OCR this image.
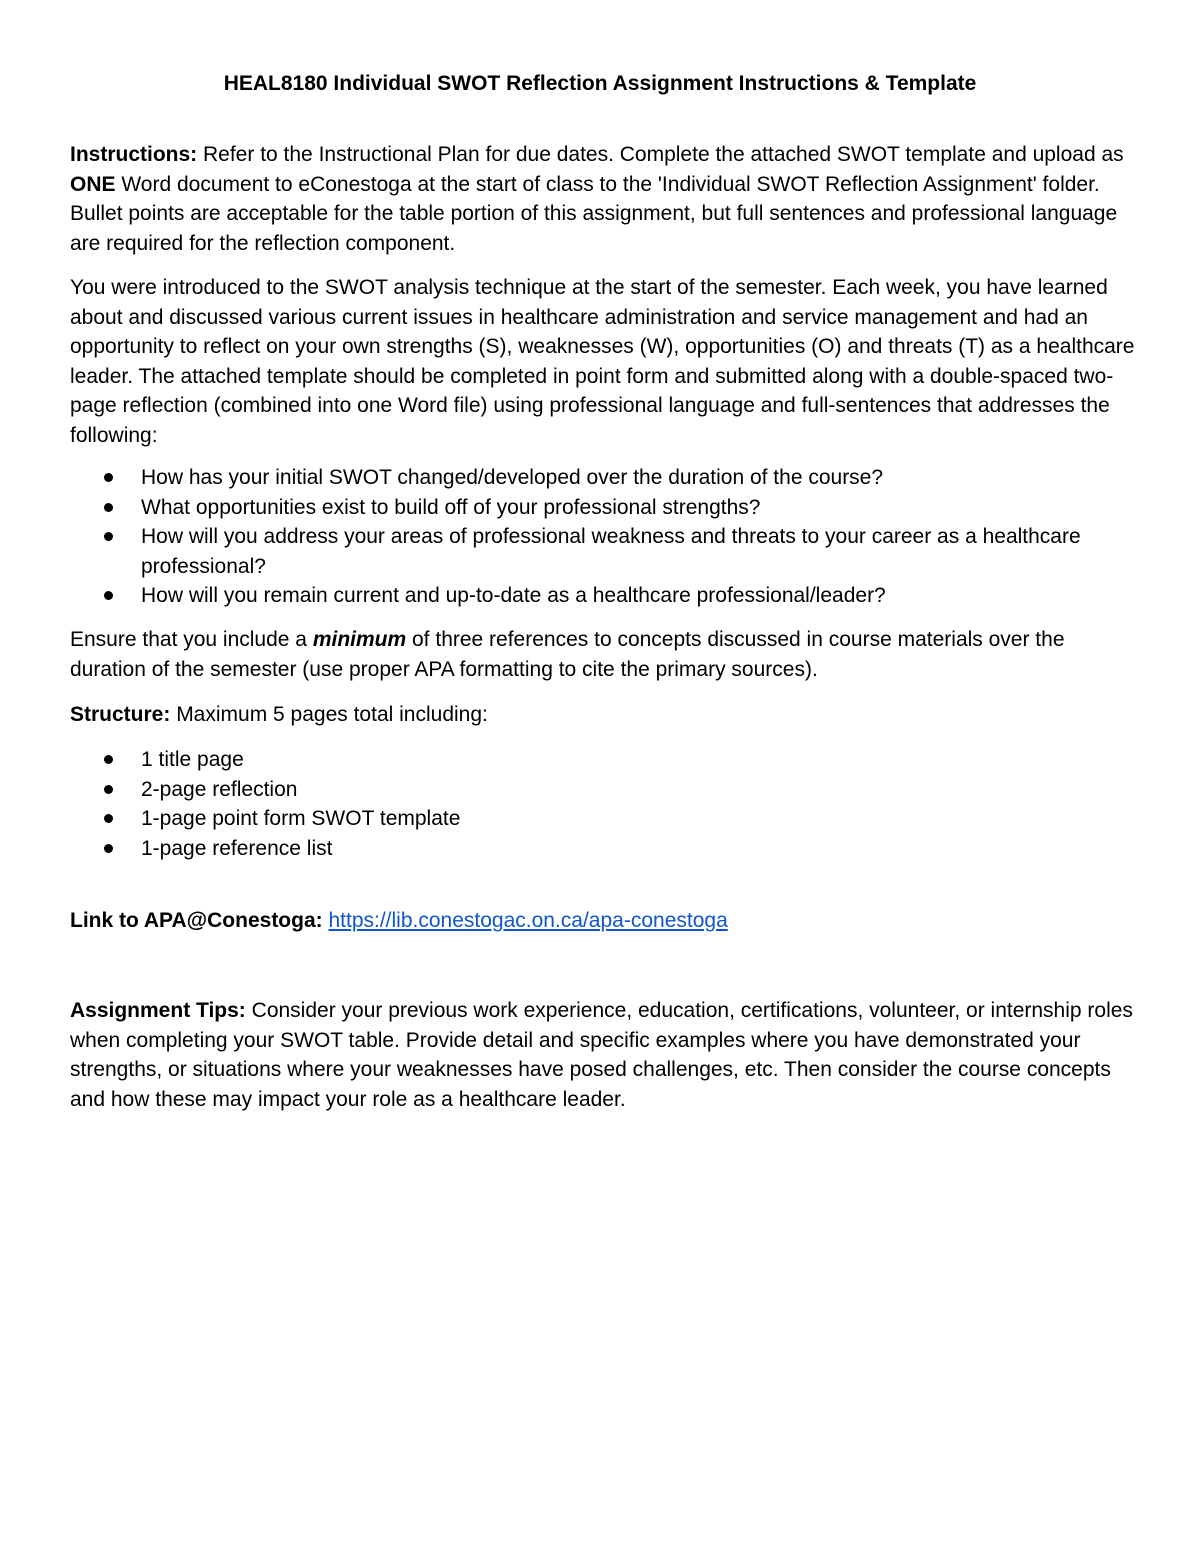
HEAL8180 Individual SWOT Reflection Assignment Instructions & Template

Instructions: Refer to the Instructional Plan for due dates. Complete the attached SWOT template and upload as ONE Word document to eConestoga at the start of class to the 'Individual SWOT Reflection Assignment' folder. Bullet points are acceptable for the table portion of this assignment, but full sentences and professional language are required for the reflection component.

You were introduced to the SWOT analysis technique at the start of the semester. Each week, you have learned about and discussed various current issues in healthcare administration and service management and had an opportunity to reflect on your own strengths (S), weaknesses (W), opportunities (O) and threats (T) as a healthcare leader. The attached template should be completed in point form and submitted along with a double-spaced two-page reflection (combined into one Word file) using professional language and full-sentences that addresses the following:

How has your initial SWOT changed/developed over the duration of the course?
What opportunities exist to build off of your professional strengths?
How will you address your areas of professional weakness and threats to your career as a healthcare professional?
How will you remain current and up-to-date as a healthcare professional/leader?

Ensure that you include a minimum of three references to concepts discussed in course materials over the duration of the semester (use proper APA formatting to cite the primary sources).

Structure: Maximum 5 pages total including:

1 title page
2-page reflection
1-page point form SWOT template
1-page reference list

Link to APA@Conestoga: https://lib.conestogac.on.ca/apa-conestoga

Assignment Tips: Consider your previous work experience, education, certifications, volunteer, or internship roles when completing your SWOT table. Provide detail and specific examples where you have demonstrated your strengths, or situations where your weaknesses have posed challenges, etc. Then consider the course concepts and how these may impact your role as a healthcare leader.
